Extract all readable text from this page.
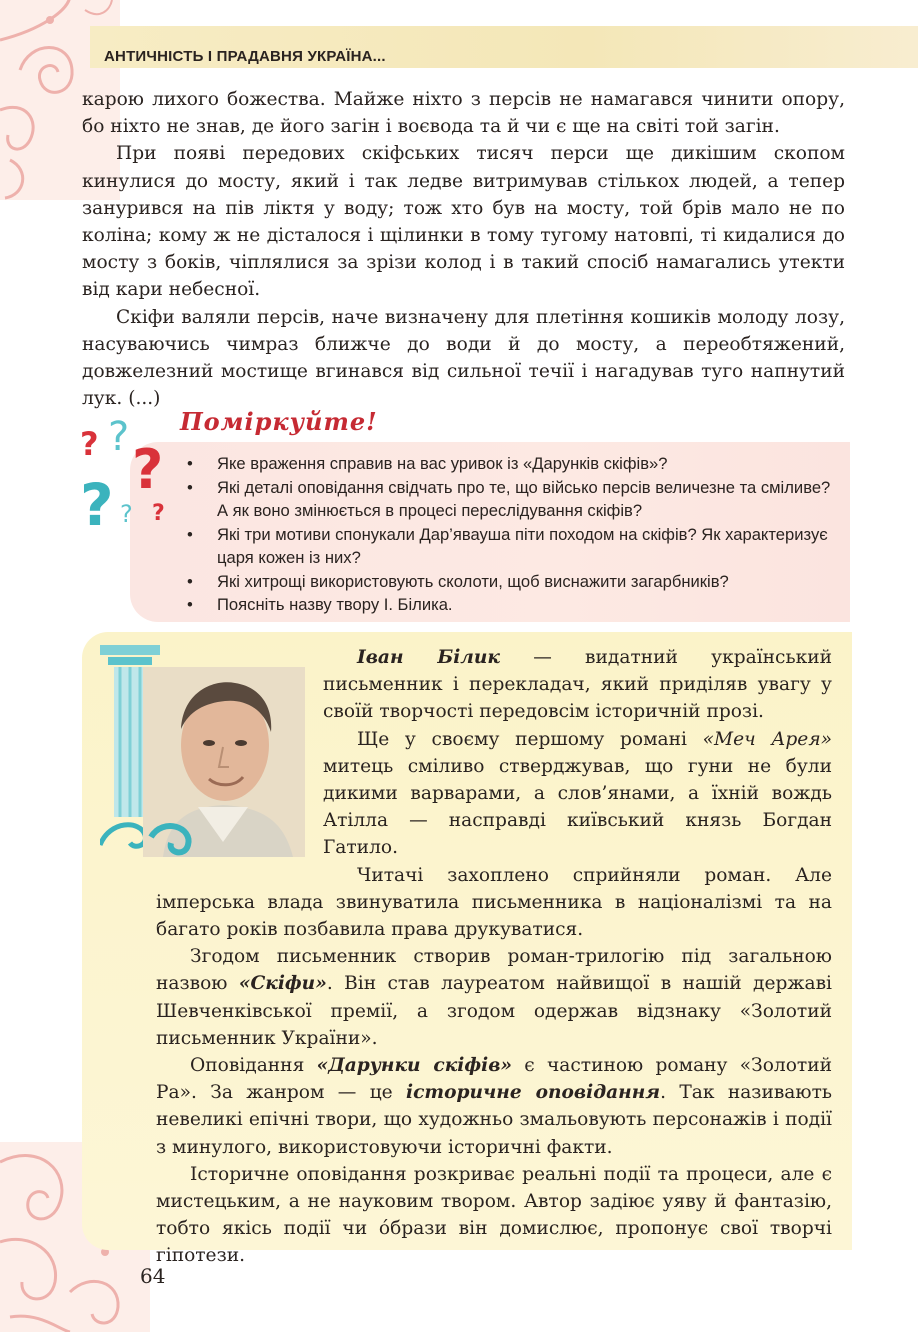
АНТИЧНІСТЬ І ПРАДАВНЯ УКРАЇНА...

карою лихого божества. Майже ніхто з персів не намагався чинити опору, бо ніхто не знав, де його загін і воєвода та й чи є ще на світі той загін.

При появі передових скіфських тисяч перси ще дикішим скопом кинулися до мосту, який і так ледве витримував стількох людей, а тепер занурився на пів ліктя у воду; тож хто був на мосту, той брів мало не по коліна; кому ж не дісталося і щілинки в тому тугому натовпі, ті кидалися до мосту з боків, чіплялися за зрізи колод і в такий спосіб намагались утекти від кари небесної.

Скіфи валяли персів, наче визначену для плетіння кошиків молоду лозу, насуваючись чимраз ближче до води й до мосту, а переобтяжений, довжелезний мостище вгинався від сильної течії і нагадував туго напнутий лук. (...)

? ?
?
? ? ?
Поміркуйте!
• Яке враження справив на вас уривок із «Дарунків скіфів»?
• Які деталі оповідання свідчать про те, що військо персів величезне та сміливе? А як воно змінюється в процесі переслідування скіфів?
• Які три мотиви спонукали Дар’явауша піти походом на скіфів? Як характеризує царя кожен із них?
• Які хитрощі використовують сколоти, щоб виснажити загарбників?
• Поясніть назву твору І. Білика.

Іван Білик — видатний український письменник і перекладач, який приділяв увагу у своїй творчості передовсім історичній прозі.

Ще у своєму першому романі «Меч Арея» митець сміливо стверджував, що гуни не були дикими варварами, а слов’янами, а їхній вождь Атілла — насправді київський князь Богдан Гатило.

Читачі захоплено сприйняли роман. Але імперська влада звинуватила письменника в націоналізмі та на багато років позбавила права друкуватися.

Згодом письменник створив роман-трилогію під загальною назвою «Скіфи». Він став лауреатом найвищої в нашій державі Шевченківської премії, а згодом одержав відзнаку «Золотий письменник України».

Оповідання «Дарунки скіфів» є частиною роману «Золотий Ра». За жанром — це історичне оповідання. Так називають невеликі епічні твори, що художньо змальовують персонажів і події з минулого, використовуючи історичні факти.

Історичне оповідання розкриває реальні події та процеси, але є мистецьким, а не науковим твором. Автор задіює уяву й фантазію, тобто якісь події чи о́брази він домислює, пропонує свої творчі гіпотези.

64
